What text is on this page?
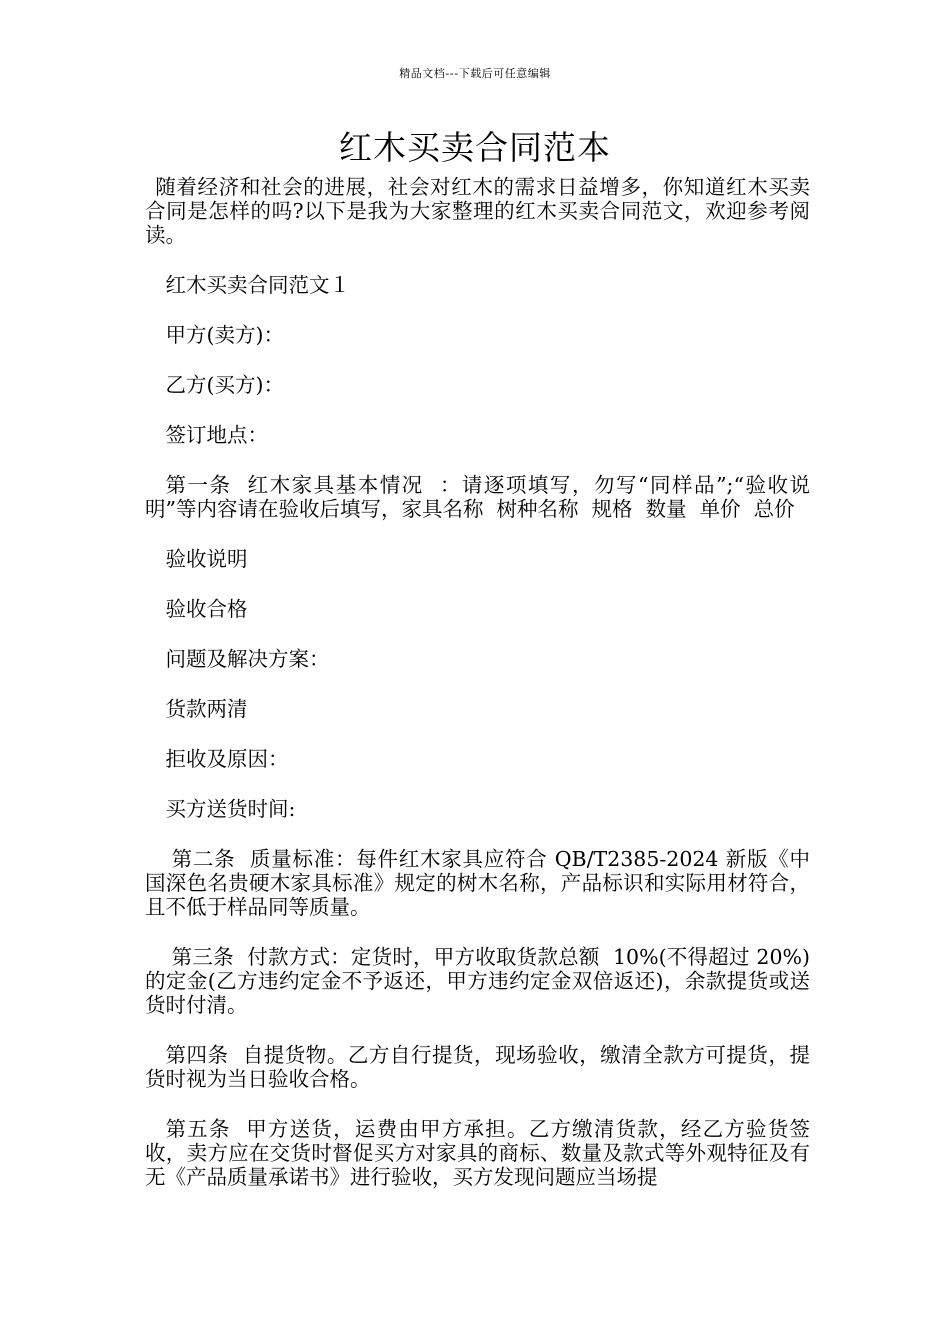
精品文档---下载后可任意编辑
红木买卖合同范本

随着经济和社会的进展，社会对红木的需求日益增多，你知道红木买卖合同是怎样的吗?以下是我为大家整理的红木买卖合同范文，欢迎参考阅读。

红木买卖合同范文１

甲方(卖方)：

乙方(买方)：

签订地点：

第一条  红木家具基本情况  ：请逐项填写，勿写“同样品”;“验收说明”等内容请在验收后填写，家具名称  树种名称  规格  数量  单价  总价

验收说明

验收合格

问题及解决方案：

货款两清

拒收及原因：

买方送货时间:

第二条  质量标准：每件红木家具应符合 QB/T2385-2024 新版《中国深色名贵硬木家具标准》规定的树木名称，产品标识和实际用材符合，且不低于样品同等质量。

第三条  付款方式：定货时，甲方收取货款总额  10%(不得超过 20%)的定金(乙方违约定金不予返还，甲方违约定金双倍返还)，余款提货或送货时付清。

第四条  自提货物。乙方自行提货，现场验收，缴清全款方可提货，提货时视为当日验收合格。

第五条  甲方送货，运费由甲方承担。乙方缴清货款，经乙方验货签收，卖方应在交货时督促买方对家具的商标、数量及款式等外观特征及有无《产品质量承诺书》进行验收，买方发现问题应当场提
